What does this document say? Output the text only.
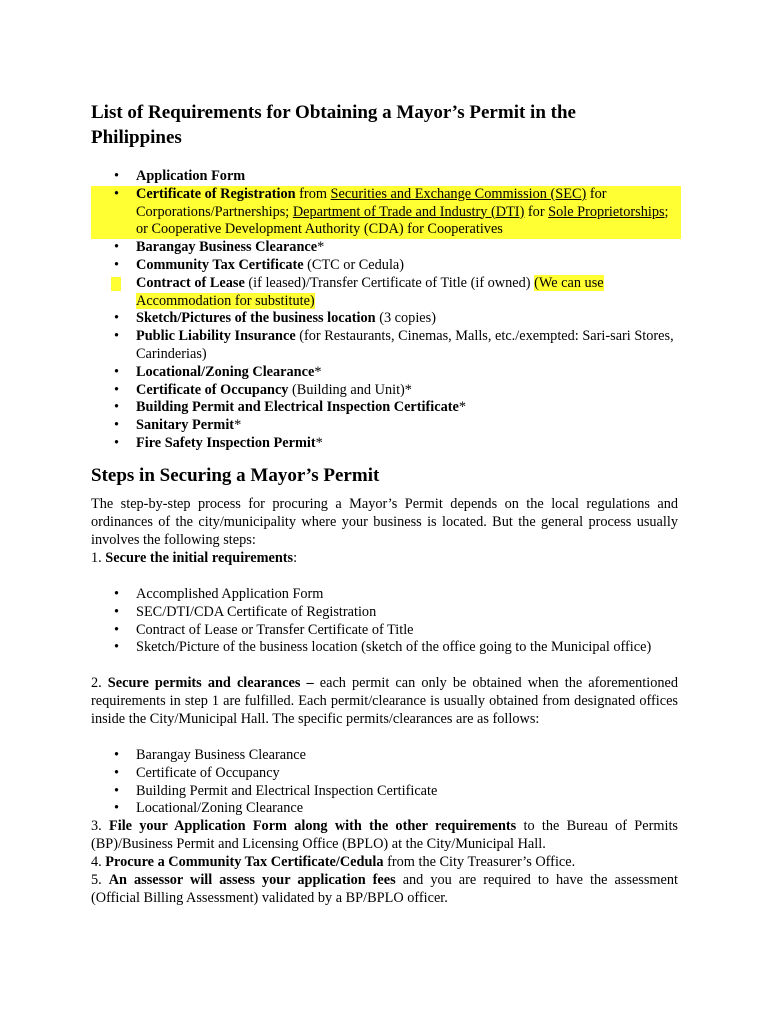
List of Requirements for Obtaining a Mayor’s Permit in the Philippines
• Application Form
• Certificate of Registration from Securities and Exchange Commission (SEC) for Corporations/Partnerships; Department of Trade and Industry (DTI) for Sole Proprietorships; or Cooperative Development Authority (CDA) for Cooperatives
• Barangay Business Clearance*
• Community Tax Certificate (CTC or Cedula)
• Contract of Lease (if leased)/Transfer Certificate of Title (if owned) (We can use Accommodation for substitute)
• Sketch/Pictures of the business location (3 copies)
• Public Liability Insurance (for Restaurants, Cinemas, Malls, etc./exempted: Sari-sari Stores, Carinderias)
• Locational/Zoning Clearance*
• Certificate of Occupancy (Building and Unit)*
• Building Permit and Electrical Inspection Certificate*
• Sanitary Permit*
• Fire Safety Inspection Permit*
Steps in Securing a Mayor’s Permit

The step-by-step process for procuring a Mayor’s Permit depends on the local regulations and ordinances of the city/municipality where your business is located. But the general process usually involves the following steps:

1. Secure the initial requirements:

• Accomplished Application Form
• SEC/DTI/CDA Certificate of Registration
• Contract of Lease or Transfer Certificate of Title
• Sketch/Picture of the business location (sketch of the office going to the Municipal office)

2. Secure permits and clearances – each permit can only be obtained when the aforementioned requirements in step 1 are fulfilled. Each permit/clearance is usually obtained from designated offices inside the City/Municipal Hall. The specific permits/clearances are as follows:

• Barangay Business Clearance
• Certificate of Occupancy
• Building Permit and Electrical Inspection Certificate
• Locational/Zoning Clearance

3. File your Application Form along with the other requirements to the Bureau of Permits (BP)/Business Permit and Licensing Office (BPLO) at the City/Municipal Hall.

4. Procure a Community Tax Certificate/Cedula from the City Treasurer’s Office.

5. An assessor will assess your application fees and you are required to have the assessment (Official Billing Assessment) validated by a BP/BPLO officer.
